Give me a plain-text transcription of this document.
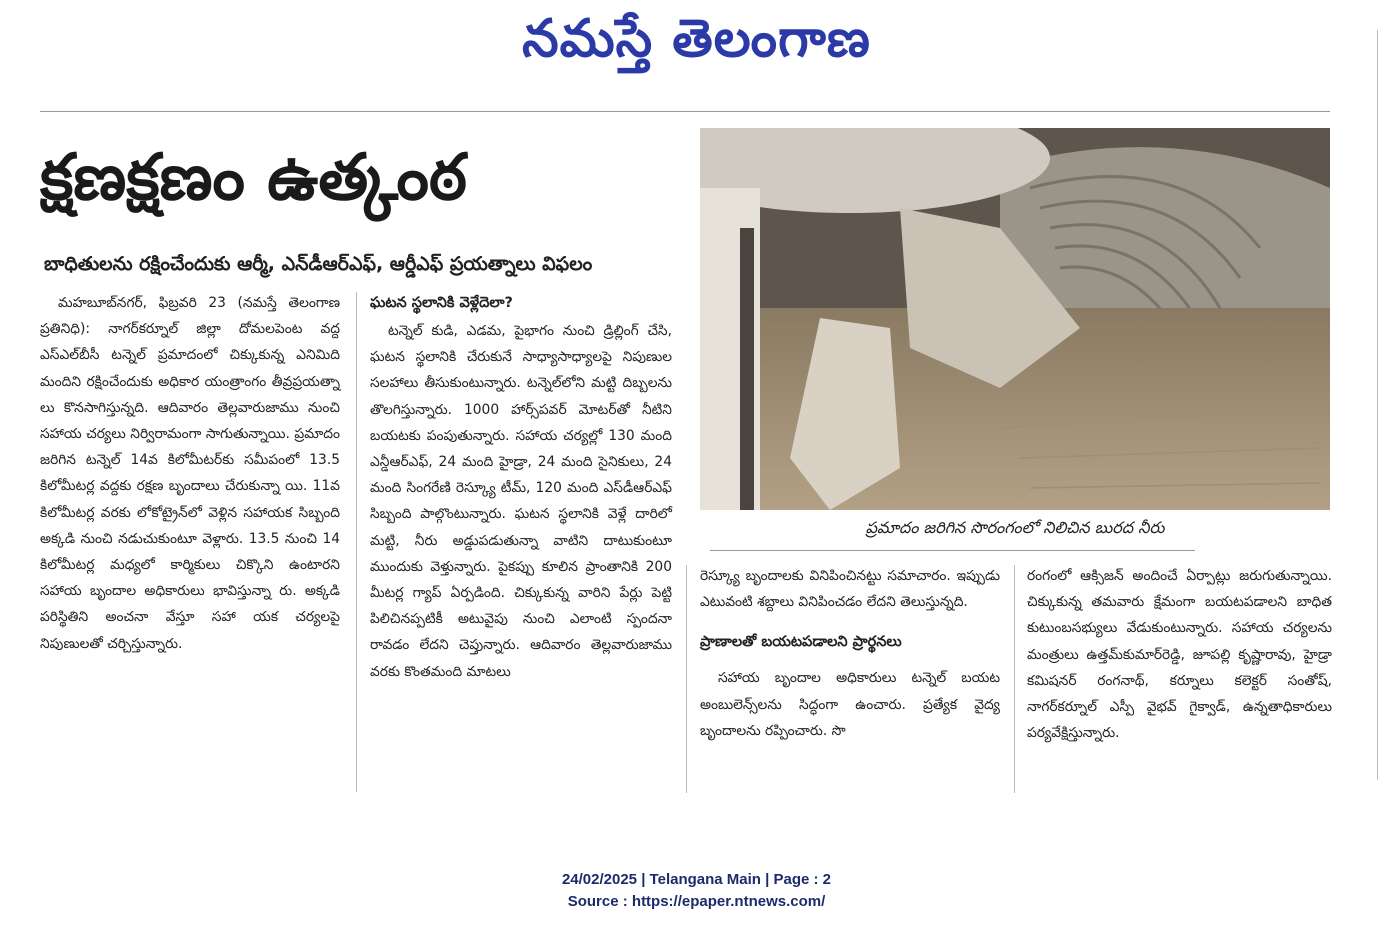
నమస్తే తెలంగాణ
క్షణక్షణం ఉత్కంఠ
బాధితులను రక్షించేందుకు ఆర్మీ, ఎన్‌డీఆర్‌ఎఫ్, ఆర్డీఎఫ్ ప్రయత్నాలు విఫలం
ప్రమాదం జరిగిన సొరంగంలో నిలిచిన బురద నీరు

మహబూబ్‌నగర్, ఫిబ్రవరి 23 (నమస్తే తెలంగాణ ప్రతినిధి): నాగర్‌కర్నూల్ జిల్లా దోమలపెంట వద్ద ఎస్‌ఎల్‌బీసీ టన్నెల్ ప్రమాదంలో చిక్కుకున్న ఎనిమిది మందిని రక్షించేందుకు అధికార యంత్రాంగం తీవ్రప్రయత్నా లు కొనసాగిస్తున్నది. ఆదివారం తెల్లవారుజాము నుంచి సహాయ చర్యలు నిర్విరామంగా సాగుతున్నాయి. ప్రమాదం జరిగిన టన్నెల్ 14వ కిలోమీటర్‌కు సమీపంలో 13.5 కిలోమీటర్ల వద్దకు రక్షణ బృందాలు చేరుకున్నా యి. 11వ కిలోమీటర్ల వరకు లోకోట్రైన్‌లో వెళ్లిన సహాయక సిబ్బంది అక్కడి నుంచి నడుచుకుంటూ వెళ్లారు. 13.5 నుంచి 14 కిలోమీటర్ల మధ్యలో కార్మికులు చిక్కొని ఉంటారని సహాయ బృందాల అధికారులు భావిస్తున్నా రు. అక్కడి పరిస్థితిని అంచనా వేస్తూ సహా యక చర్యలపై నిపుణులతో చర్చిస్తున్నారు.

ఘటన స్థలానికి వెళ్లేదెలా?

టన్నెల్ కుడి, ఎడమ, పైభాగం నుంచి డ్రిల్లింగ్ చేసి, ఘటన స్థలానికి చేరుకునే సాధ్యాసాధ్యాలపై నిపుణుల సలహాలు తీసుకుంటున్నారు. టన్నెల్‌లోని మట్టి దిబ్బలను తొలగిస్తున్నారు. 1000 హార్స్‌పవర్ మోటర్‌తో నీటిని బయటకు పంపుతున్నారు. సహాయ చర్యల్లో 130 మంది ఎన్డీఆర్‌ఎఫ్, 24 మంది హైడ్రా, 24 మంది సైనికులు, 24 మంది సింగరేణి రెస్క్యూ టీమ్, 120 మంది ఎస్‌డీఆర్‌ఎఫ్ సిబ్బంది పాల్గొంటున్నారు. ఘటన స్థలానికి వెళ్లే దారిలో మట్టి, నీరు అడ్డుపడుతున్నా వాటిని దాటుకుంటూ ముందుకు వెళ్తున్నారు. పైకప్పు కూలిన ప్రాంతానికి 200 మీటర్ల గ్యాప్ ఏర్పడింది. చిక్కుకున్న వారిని పేర్లు పెట్టి పిలిచినప్పటికీ అటువైపు నుంచి ఎలాంటి స్పందనా రావడం లేదని చెప్తున్నారు. ఆదివారం తెల్లవారుజాము వరకు కొంతమంది మాటలు

రెస్క్యూ బృందాలకు వినిపించినట్టు సమాచారం. ఇప్పుడు ఎటువంటి శబ్దాలు వినిపించడం లేదని తెలుస్తున్నది.

ప్రాణాలతో బయటపడాలని ప్రార్థనలు

సహాయ బృందాల అధికారులు టన్నెల్ బయట అంబులెన్స్‌లను సిద్ధంగా ఉంచారు. ప్రత్యేక వైద్య బృందాలను రప్పించారు. సొ

రంగంలో ఆక్సిజన్ అందించే ఏర్పాట్లు జరుగుతున్నాయి. చిక్కుకున్న తమవారు క్షేమంగా బయటపడాలని బాధిత కుటుంబసభ్యులు వేడుకుంటున్నారు. సహాయ చర్యలను మంత్రులు ఉత్తమ్‌కుమార్‌రెడ్డి, జూపల్లి కృష్ణారావు, హైడ్రా కమిషనర్ రంగనాథ్, కర్నూలు కలెక్టర్ సంతోష్, నాగర్‌కర్నూల్ ఎస్పీ వైభవ్ గైక్వాడ్, ఉన్నతాధికారులు పర్యవేక్షిస్తున్నారు.

24/02/2025 | Telangana Main | Page : 2
Source : https://epaper.ntnews.com/
